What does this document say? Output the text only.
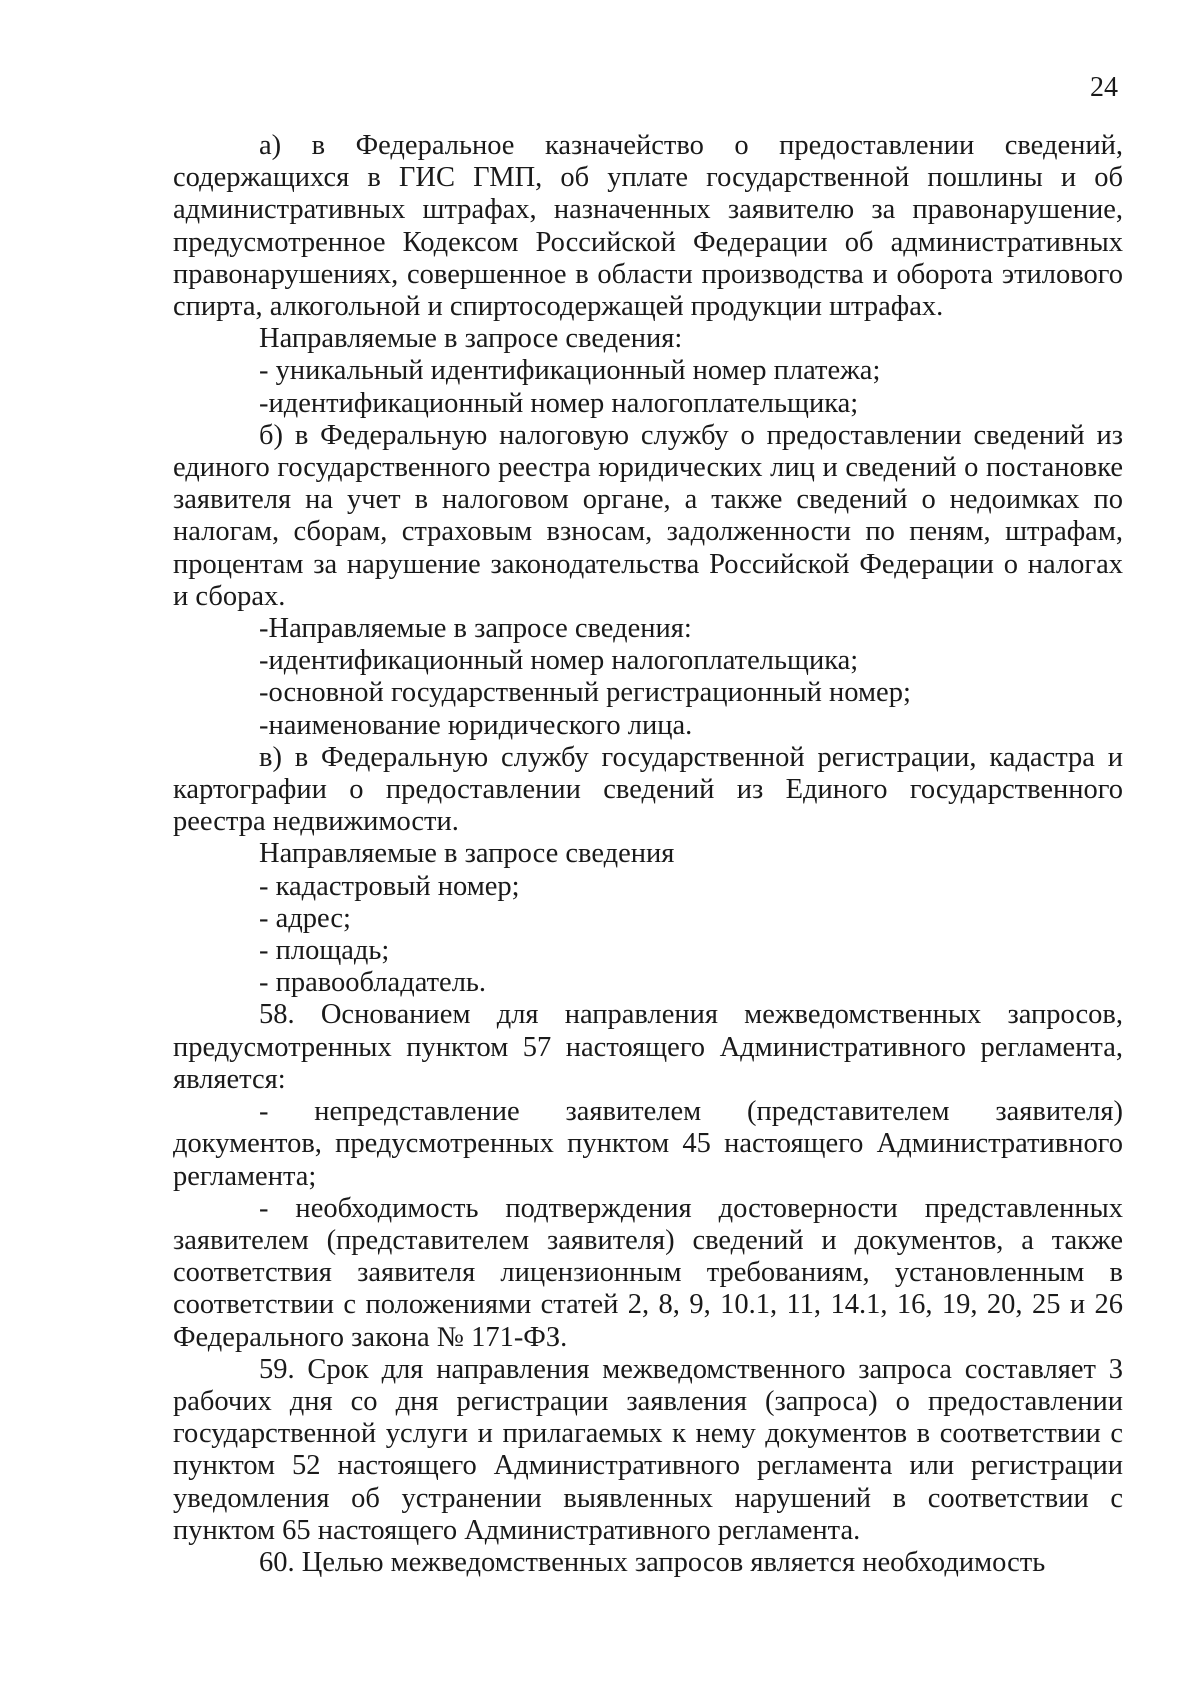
24

а) в Федеральное казначейство о предоставлении сведений, содержащихся в ГИС ГМП, об уплате государственной пошлины и об административных штрафах, назначенных заявителю за правонарушение, предусмотренное Кодексом Российской Федерации об административных правонарушениях, совершенное в области производства и оборота этилового спирта, алкогольной и спиртосодержащей продукции штрафах.

Направляемые в запросе сведения:

- уникальный идентификационный номер платежа;

-идентификационный номер налогоплательщика;

б) в Федеральную налоговую службу о предоставлении сведений из единого государственного реестра юридических лиц и сведений о постановке заявителя на учет в налоговом органе, а также сведений о недоимках по налогам, сборам, страховым взносам, задолженности по пеням, штрафам, процентам за нарушение законодательства Российской Федерации о налогах и сборах.

-Направляемые в запросе сведения:

-идентификационный номер налогоплательщика;

-основной государственный регистрационный номер;

-наименование юридического лица.

в) в Федеральную службу государственной регистрации, кадастра и картографии о предоставлении сведений из Единого государственного реестра недвижимости.

Направляемые в запросе сведения

- кадастровый номер;

- адрес;

- площадь;

- правообладатель.

58. Основанием для направления межведомственных запросов, предусмотренных пунктом 57 настоящего Административного регламента, является:

- непредставление заявителем (представителем заявителя) документов, предусмотренных пунктом 45 настоящего Административного регламента;

- необходимость подтверждения достоверности представленных заявителем (представителем заявителя) сведений и документов, а также соответствия заявителя лицензионным требованиям, установленным в соответствии с положениями статей 2, 8, 9, 10.1, 11, 14.1, 16, 19, 20, 25 и 26 Федерального закона № 171-ФЗ.

59. Срок для направления межведомственного запроса составляет 3 рабочих дня со дня регистрации заявления (запроса) о предоставлении государственной услуги и прилагаемых к нему документов в соответствии с пунктом 52 настоящего Административного регламента или регистрации уведомления об устранении выявленных нарушений в соответствии с пунктом 65 настоящего Административного регламента.

60. Целью межведомственных запросов является необходимость
